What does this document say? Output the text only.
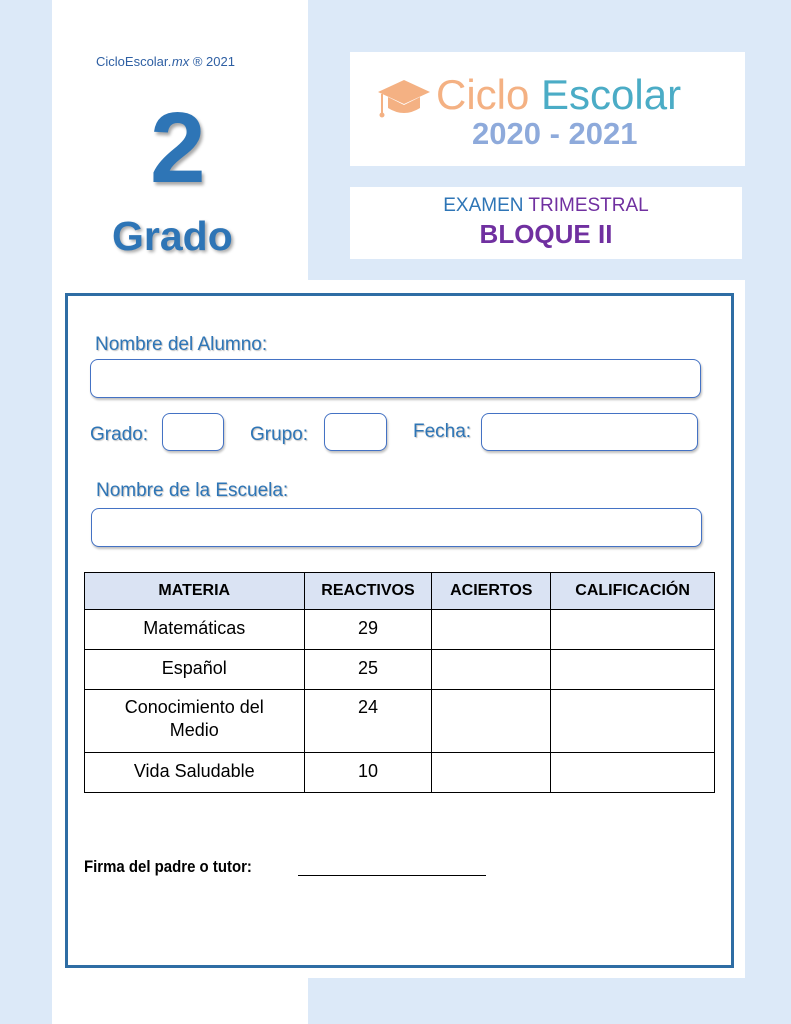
CicloEscolar.mx ® 2021
2
Grado
Ciclo Escolar
2020 - 2021
EXAMEN TRIMESTRAL
BLOQUE II
Nombre del Alumno:
Grado:	Grupo:	Fecha:
Nombre de la Escuela:
MATERIA	REACTIVOS	ACIERTOS	CALIFICACIÓN
Matemáticas	29		
Español	25		
Conocimiento del
Medio	24		
Vida Saludable	10		
Firma del padre o tutor:
